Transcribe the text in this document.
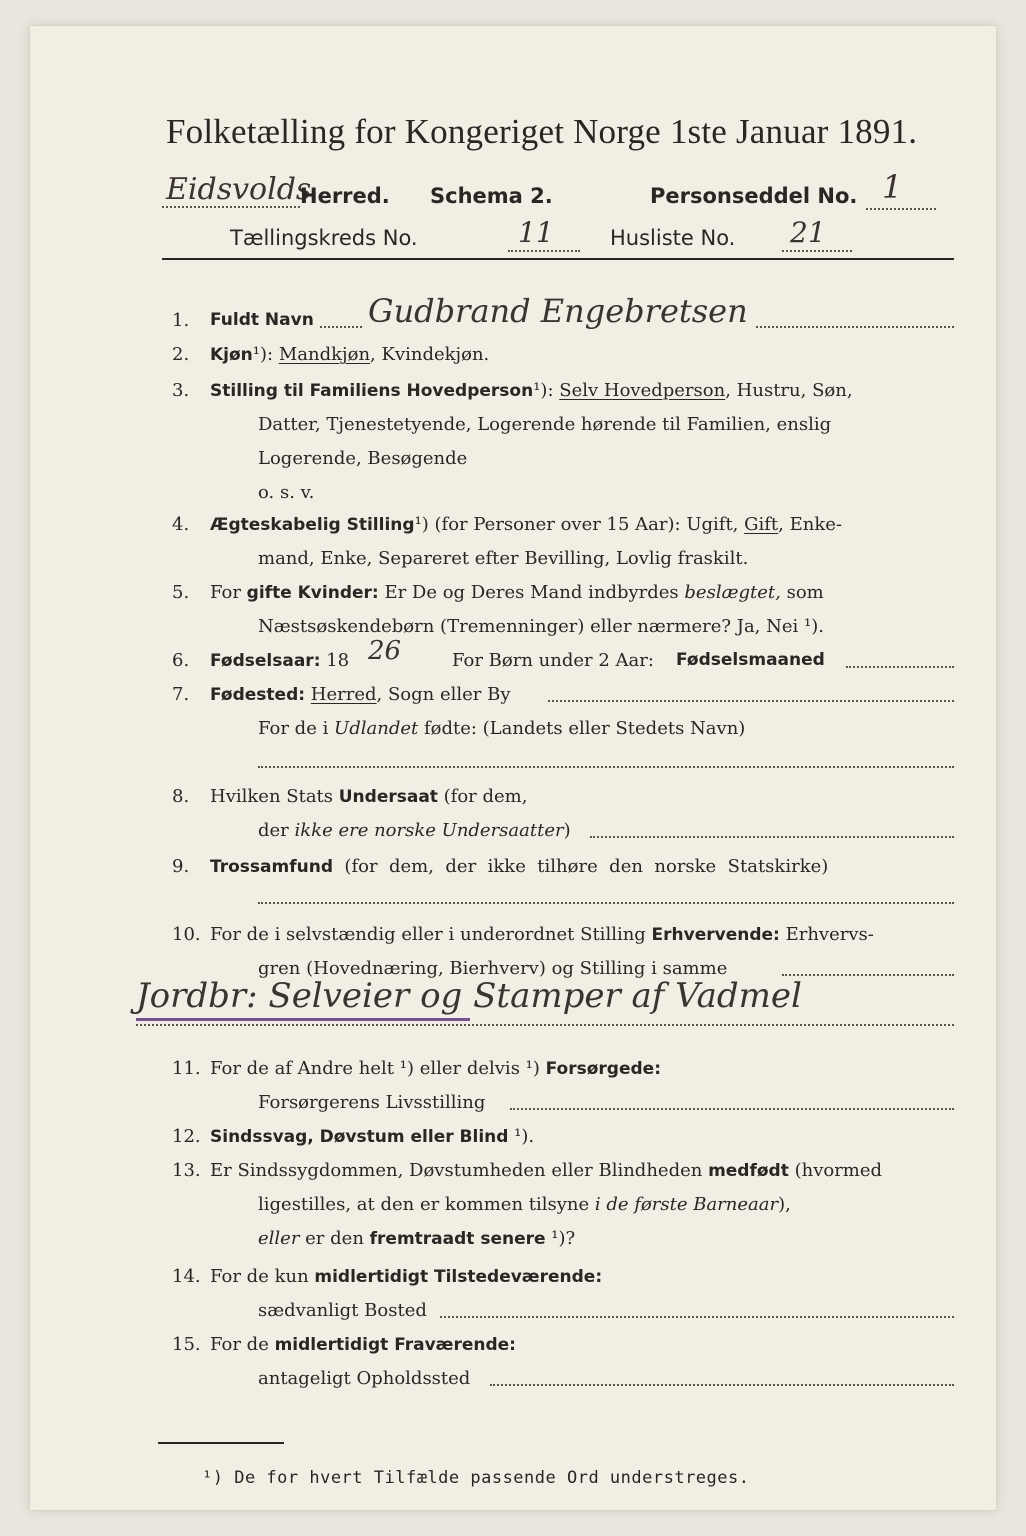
Folketælling for Kongeriget Norge 1ste Januar 1891.
Eidsvolds
Herred. Schema 2.	Personseddel No. 1
Tællingskreds No.	11	Husliste No. 21
1. Fuldt Navn Gudbrand Engebretsen
2. Kjøn¹): Mandkjøn, Kvindekjøn.
3. Stilling til Familiens Hovedperson¹): Selv Hovedperson, Hustru, Søn,
Datter, Tjenestetyende, Logerende hørende til Familien, enslig
Logerende, Besøgende
o. s. v.
4. Ægteskabelig Stilling¹) (for Personer over 15 Aar): Ugift, Gift, Enke-
mand, Enke, Separeret efter Bevilling, Lovlig fraskilt.
5. For gifte Kvinder: Er De og Deres Mand indbyrdes beslægtet, som
Næstsøskendebørn (Tremenninger) eller nærmere? Ja, Nei ¹).
6. Fødselsaar: 18 26	For Børn under 2 Aar: Fødselsmaaned
7. Fødested: Herred, Sogn eller By
For de i Udlandet fødte: (Landets eller Stedets Navn)
8. Hvilken Stats Undersaat (for dem,
der ikke ere norske Undersaatter)
9. Trossamfund  (for  dem,  der  ikke  tilhøre  den  norske  Statskirke)
10. For de i selvstændig eller i underordnet Stilling Erhvervende: Erhvervs-
gren (Hovednæring, Bierhverv) og Stilling i samme
Jordbr: Selveier og Stamper af Vadmel
11. For de af Andre helt ¹) eller delvis ¹) Forsørgede:
Forsørgerens Livsstilling
12. Sindssvag, Døvstum eller Blind ¹).
13. Er Sindssygdommen, Døvstumheden eller Blindheden medfødt (hvormed
ligestilles, at den er kommen tilsyne i de første Barneaar),
eller er den fremtraadt senere ¹)?
14. For de kun midlertidigt Tilstedeværende:
sædvanligt Bosted
15. For de midlertidigt Fraværende:
antageligt Opholdssted
¹) De for hvert Tilfælde passende Ord understreges.
